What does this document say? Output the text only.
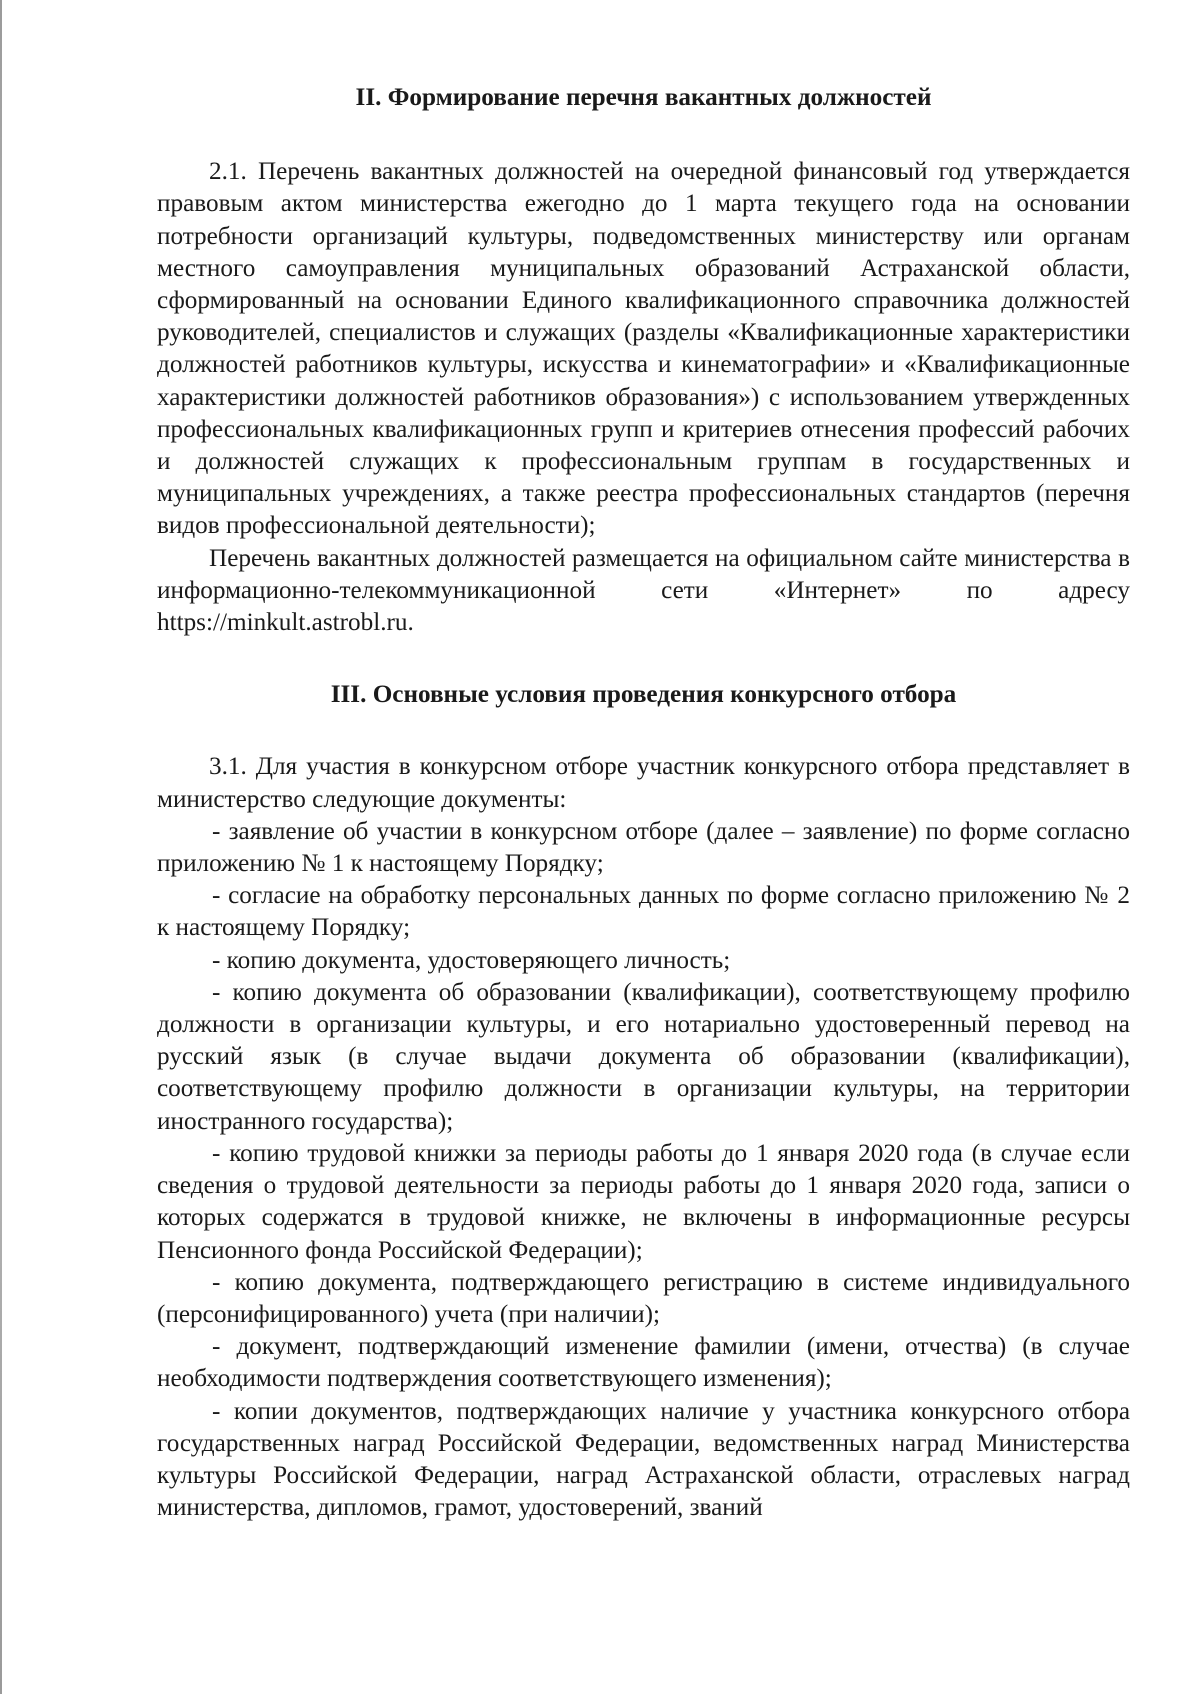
II. Формирование перечня вакантных должностей

2.1. Перечень вакантных должностей на очередной финансовый год утверждается правовым актом министерства ежегодно до 1 марта текущего года на основании потребности организаций культуры, подведомственных министерству или органам местного самоуправления муниципальных образований Астраханской области, сформированный на основании Единого квалификационного справочника должностей руководителей, специалистов и служащих (разделы «Квалификационные характеристики должностей работников культуры, искусства и кинематографии» и «Квалификационные характеристики должностей работников образования») с использованием утвержденных профессиональных квалификационных групп и критериев отнесения профессий рабочих и должностей служащих к профессиональным группам в государственных и муниципальных учреждениях, а также реестра профессиональных стандартов (перечня видов профессиональной деятельности);

Перечень вакантных должностей размещается на официальном сайте министерства в информационно-телекоммуникационной сети «Интернет» по адресу https://minkult.astrobl.ru.

III. Основные условия проведения конкурсного отбора

3.1. Для участия в конкурсном отборе участник конкурсного отбора представляет в министерство следующие документы:

- заявление об участии в конкурсном отборе (далее – заявление) по форме согласно приложению № 1 к настоящему Порядку;

- согласие на обработку персональных данных по форме согласно приложению № 2 к настоящему Порядку;

- копию документа, удостоверяющего личность;

- копию документа об образовании (квалификации), соответствующему профилю должности в организации культуры, и его нотариально удостоверенный перевод на русский язык (в случае выдачи документа об образовании (квалификации), соответствующему профилю должности в организации культуры, на территории иностранного государства);

- копию трудовой книжки за периоды работы до 1 января 2020 года (в случае если сведения о трудовой деятельности за периоды работы до 1 января 2020 года, записи о которых содержатся в трудовой книжке, не включены в информационные ресурсы Пенсионного фонда Российской Федерации);

- копию документа, подтверждающего регистрацию в системе индивидуального (персонифицированного) учета (при наличии);

- документ, подтверждающий изменение фамилии (имени, отчества) (в случае необходимости подтверждения соответствующего изменения);

- копии документов, подтверждающих наличие у участника конкурсного отбора государственных наград Российской Федерации, ведомственных наград Министерства культуры Российской Федерации, наград Астраханской области, отраслевых наград министерства, дипломов, грамот, удостоверений, званий
